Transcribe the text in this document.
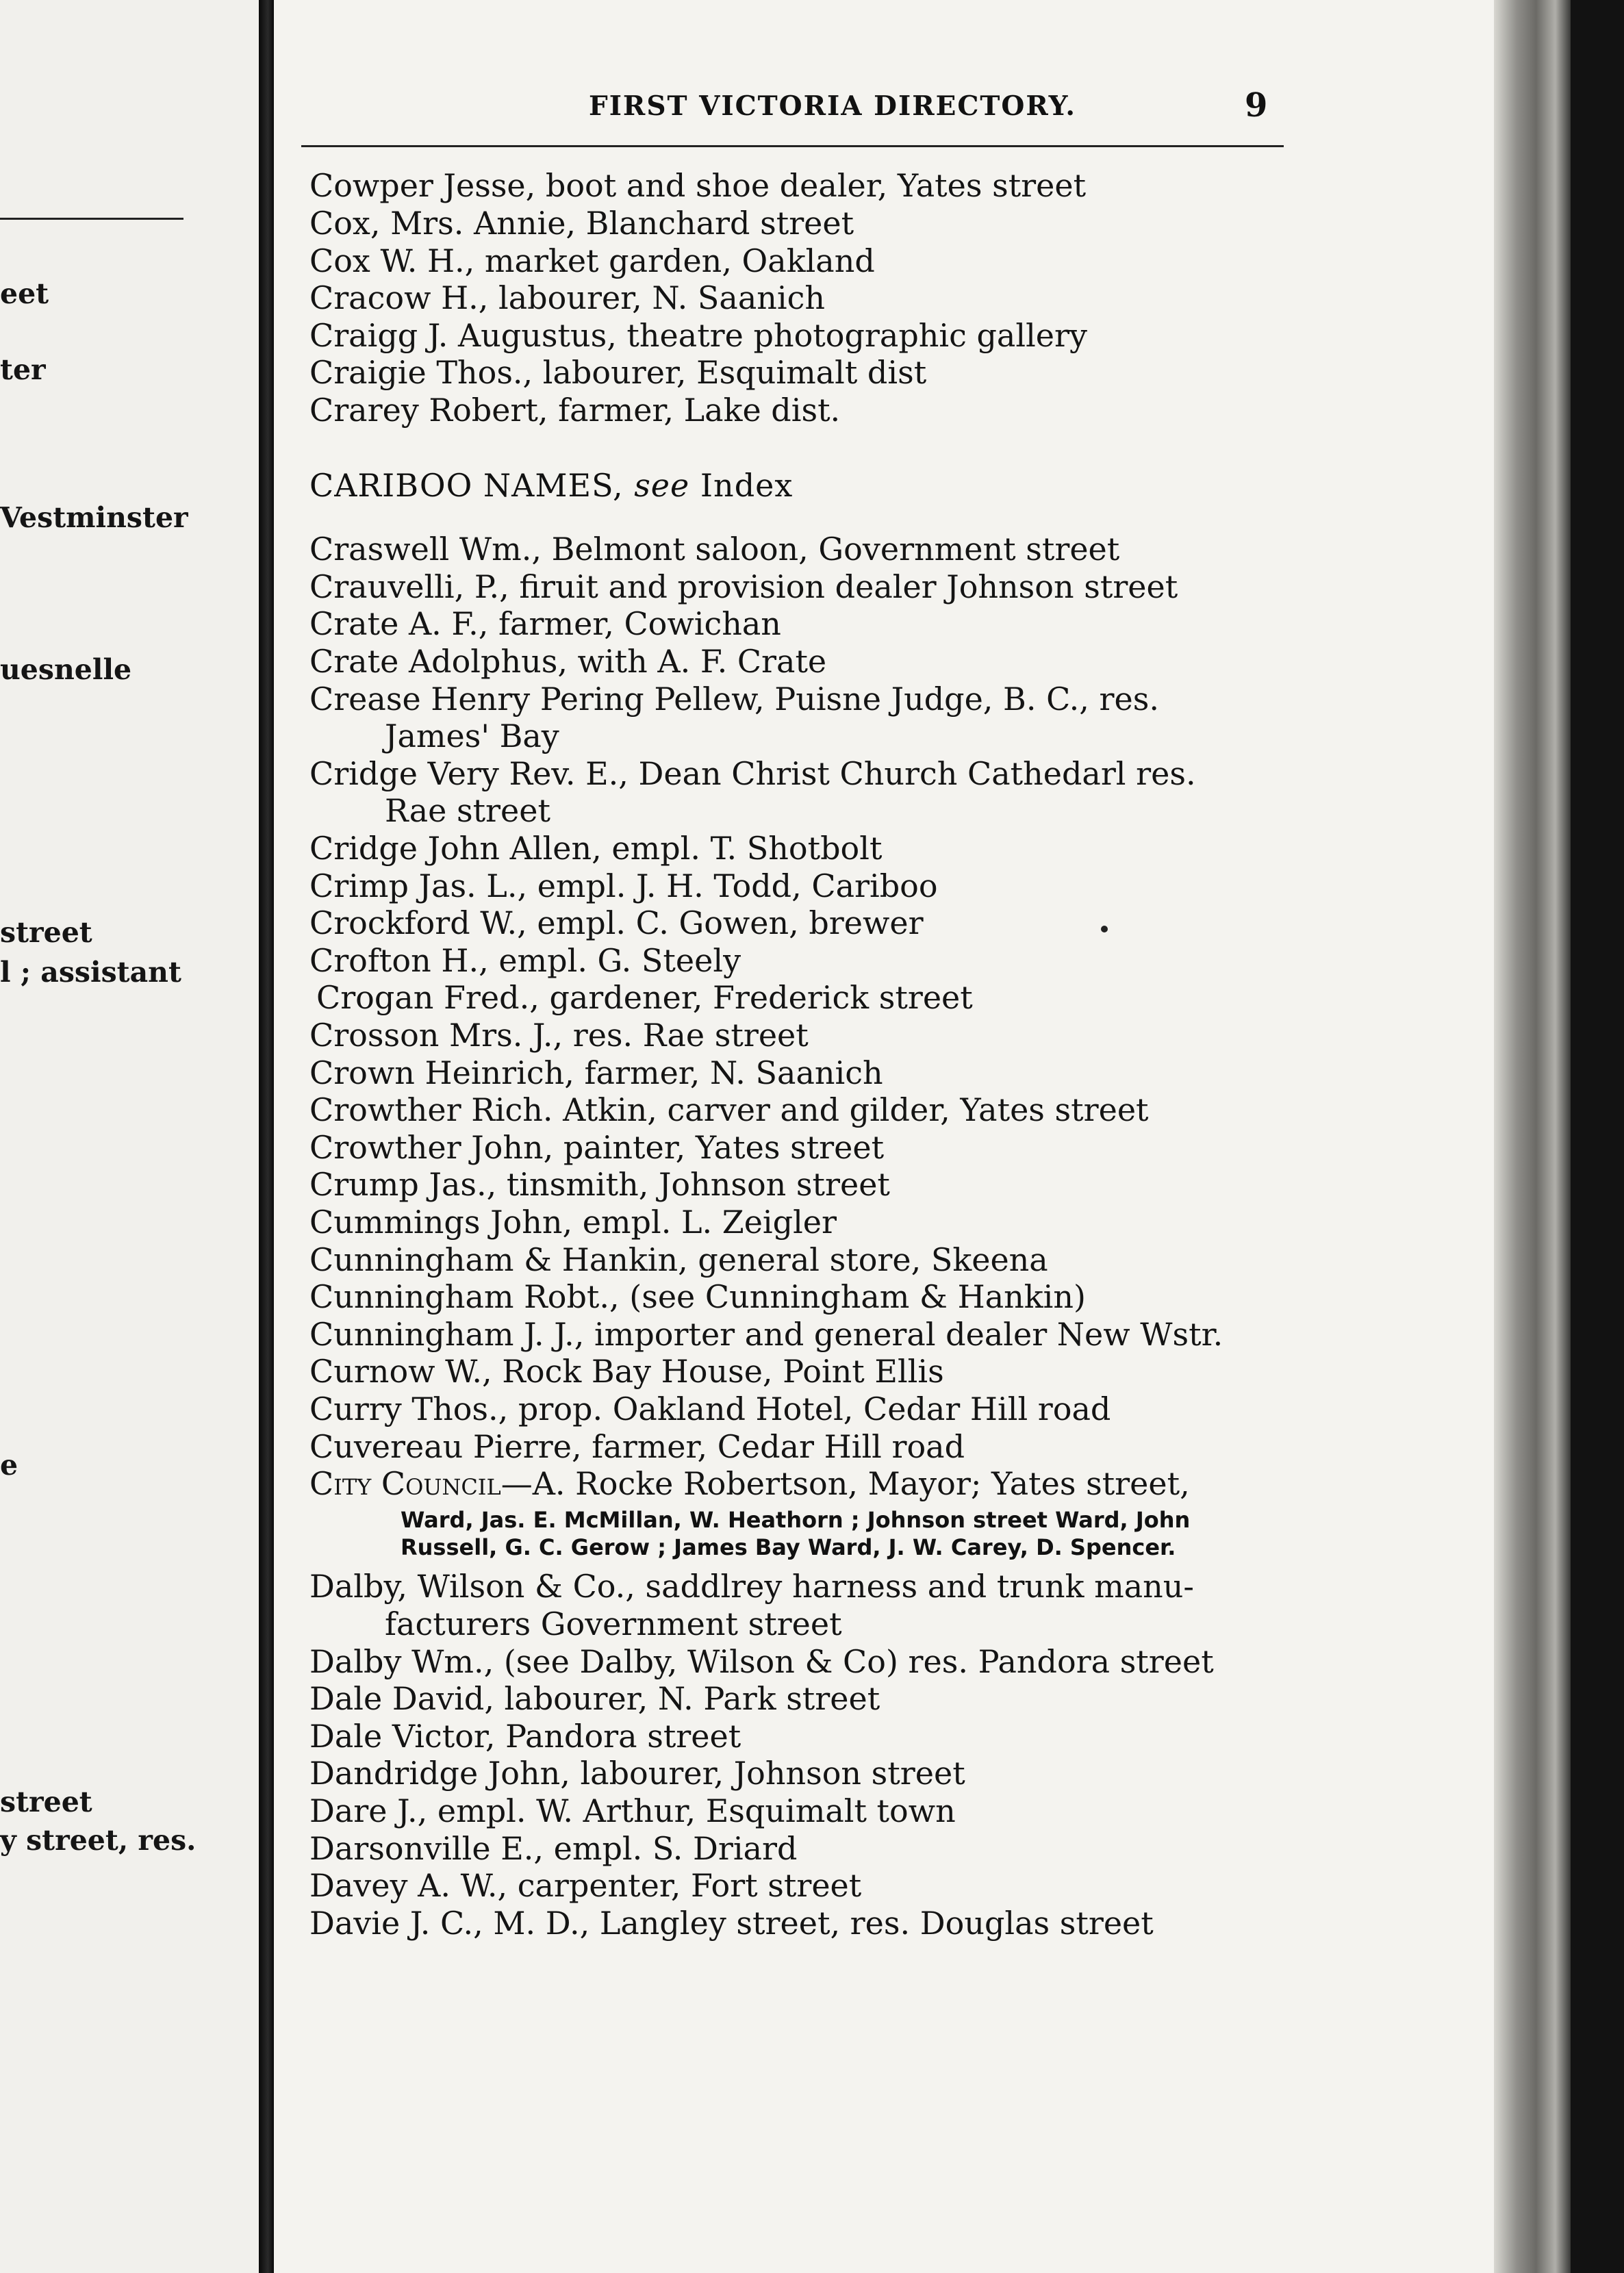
eet
ter
Vestminster
uesnelle
street
l ; assistant
e
street
y street, res.
FIRST VICTORIA DIRECTORY.	9
Cowper Jesse, boot and shoe dealer, Yates street
Cox, Mrs. Annie, Blanchard street
Cox W. H., market garden, Oakland
Cracow H., labourer, N. Saanich
Craigg J. Augustus, theatre photographic gallery
Craigie Thos., labourer, Esquimalt dist
Crarey Robert, farmer, Lake dist.
CARIBOO NAMES, see Index
Craswell Wm., Belmont saloon, Government street
Crauvelli, P., firuit and provision dealer Johnson street
Crate A. F., farmer, Cowichan
Crate Adolphus, with A. F. Crate
Crease Henry Pering Pellew, Puisne Judge, B. C., res.
James' Bay
Cridge Very Rev. E., Dean Christ Church Cathedarl res.
Rae street
Cridge John Allen, empl. T. Shotbolt
Crimp Jas. L., empl. J. H. Todd, Cariboo
Crockford W., empl. C. Gowen, brewer
Crofton H., empl. G. Steely
Crogan Fred., gardener, Frederick street
Crosson Mrs. J., res. Rae street
Crown Heinrich, farmer, N. Saanich
Crowther Rich. Atkin, carver and gilder, Yates street
Crowther John, painter, Yates street
Crump Jas., tinsmith, Johnson street
Cummings John, empl. L. Zeigler
Cunningham & Hankin, general store, Skeena
Cunningham Robt., (see Cunningham & Hankin)
Cunningham J. J., importer and general dealer New Wstr.
Curnow W., Rock Bay House, Point Ellis
Curry Thos., prop. Oakland Hotel, Cedar Hill road
Cuvereau Pierre, farmer, Cedar Hill road
City Council—A. Rocke Robertson, Mayor; Yates street,
Ward, Jas. E. McMillan, W. Heathorn ; Johnson street Ward, John
Russell, G. C. Gerow ; James Bay Ward, J. W. Carey, D. Spencer.
Dalby, Wilson & Co., saddlrey harness and trunk manu-
facturers Government street
Dalby Wm., (see Dalby, Wilson & Co) res. Pandora street
Dale David, labourer, N. Park street
Dale Victor, Pandora street
Dandridge John, labourer, Johnson street
Dare J., empl. W. Arthur, Esquimalt town
Darsonville E., empl. S. Driard
Davey A. W., carpenter, Fort street
Davie J. C., M. D., Langley street, res. Douglas street
